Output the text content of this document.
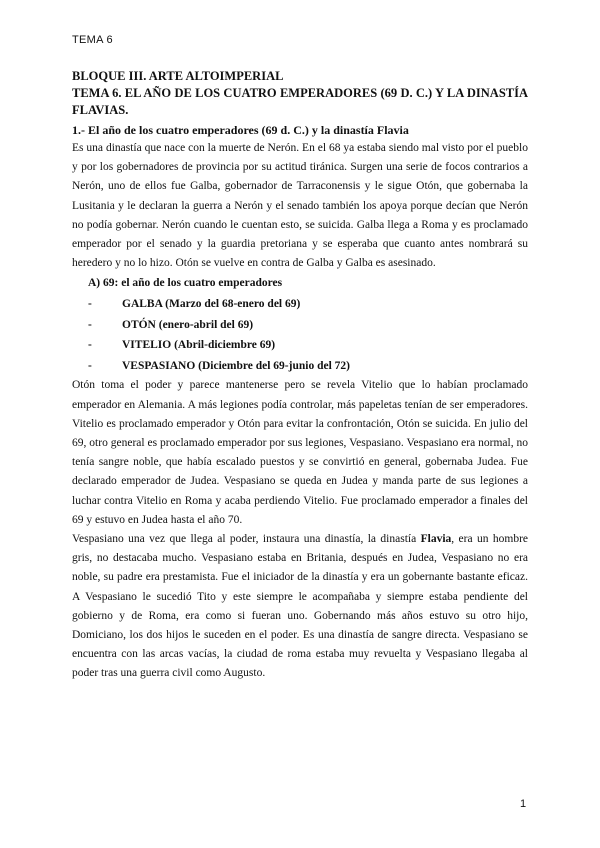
TEMA 6
BLOQUE III. ARTE ALTOIMPERIAL
TEMA 6. EL AÑO DE LOS CUATRO EMPERADORES (69 D. C.) Y LA DINASTÍA FLAVIAS.
1.- El año de los cuatro emperadores (69 d. C.) y la dinastía Flavia

Es una dinastía que nace con la muerte de Nerón. En el 68 ya estaba siendo mal visto por el pueblo y por los gobernadores de provincia por su actitud tiránica. Surgen una serie de focos contrarios a Nerón, uno de ellos fue Galba, gobernador de Tarraconensis y le sigue Otón, que gobernaba la Lusitania y le declaran la guerra a Nerón y el senado también los apoya porque decían que Nerón no podía gobernar. Nerón cuando le cuentan esto, se suicida. Galba llega a Roma y es proclamado emperador por el senado y la guardia pretoriana y se esperaba que cuanto antes nombrará su heredero y no lo hizo. Otón se vuelve en contra de Galba y Galba es asesinado.

A) 69: el año de los cuatro emperadores
-	GALBA (Marzo del 68-enero del 69)
-	OTÓN (enero-abril del 69)
-	VITELIO (Abril-diciembre 69)
-	VESPASIANO (Diciembre del 69-junio del 72)

Otón toma el poder y parece mantenerse pero se revela Vitelio que lo habían proclamado emperador en Alemania. A más legiones podía controlar, más papeletas tenían de ser emperadores. Vitelio es proclamado emperador y Otón para evitar la confrontación, Otón se suicida. En julio del 69, otro general es proclamado emperador por sus legiones, Vespasiano. Vespasiano era normal, no tenía sangre noble, que había escalado puestos y se convirtió en general, gobernaba Judea. Fue declarado emperador de Judea. Vespasiano se queda en Judea y manda parte de sus legiones a luchar contra Vitelio en Roma y acaba perdiendo Vitelio. Fue proclamado emperador a finales del 69 y estuvo en Judea hasta el año 70.

Vespasiano una vez que llega al poder, instaura una dinastía, la dinastía Flavia, era un hombre gris, no destacaba mucho. Vespasiano estaba en Britania, después en Judea, Vespasiano no era noble, su padre era prestamista. Fue el iniciador de la dinastía y era un gobernante bastante eficaz. A Vespasiano le sucedió Tito y este siempre le acompañaba y siempre estaba pendiente del gobierno y de Roma, era como si fueran uno. Gobernando más años estuvo su otro hijo, Domiciano, los dos hijos le suceden en el poder. Es una dinastía de sangre directa. Vespasiano se encuentra con las arcas vacías, la ciudad de roma estaba muy revuelta y Vespasiano llegaba al poder tras una guerra civil como Augusto.

1
